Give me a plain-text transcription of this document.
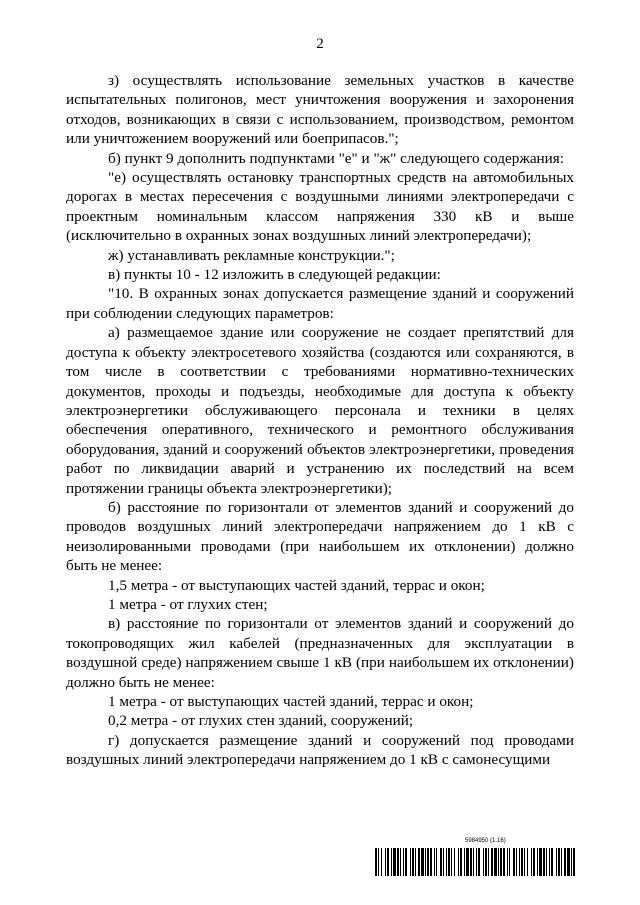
2

з) осуществлять использование земельных участков в качестве испытательных полигонов, мест уничтожения вооружения и захоронения отходов, возникающих в связи с использованием, производством, ремонтом или уничтожением вооружений или боеприпасов.";

б) пункт 9 дополнить подпунктами "е" и "ж" следующего содержания:

"е) осуществлять остановку транспортных средств на автомобильных дорогах в местах пересечения с воздушными линиями электропередачи с проектным номинальным классом напряжения 330 кВ и выше (исключительно в охранных зонах воздушных линий электропередачи);

ж) устанавливать рекламные конструкции.";

в) пункты 10 - 12 изложить в следующей редакции:

"10. В охранных зонах допускается размещение зданий и сооружений при соблюдении следующих параметров:

а) размещаемое здание или сооружение не создает препятствий для доступа к объекту электросетевого хозяйства (создаются или сохраняются, в том числе в соответствии с требованиями нормативно-технических документов, проходы и подъезды, необходимые для доступа к объекту электроэнергетики обслуживающего персонала и техники в целях обеспечения оперативного, технического и ремонтного обслуживания оборудования, зданий и сооружений объектов электроэнергетики, проведения работ по ликвидации аварий и устранению их последствий на всем протяжении границы объекта электроэнергетики);

б) расстояние по горизонтали от элементов зданий и сооружений до проводов воздушных линий электропередачи напряжением до 1 кВ с неизолированными проводами (при наибольшем их отклонении) должно быть не менее:

1,5 метра - от выступающих частей зданий, террас и окон;

1 метра - от глухих стен;

в) расстояние по горизонтали от элементов зданий и сооружений до токопроводящих жил кабелей (предназначенных для эксплуатации в воздушной среде) напряжением свыше 1 кВ (при наибольшем их отклонении) должно быть не менее:

1 метра - от выступающих частей зданий, террас и окон;

0,2 метра - от глухих стен зданий, сооружений;

г) допускается размещение зданий и сооружений под проводами воздушных линий электропередачи напряжением до 1 кВ с самонесущими

5984950 (1.16)
